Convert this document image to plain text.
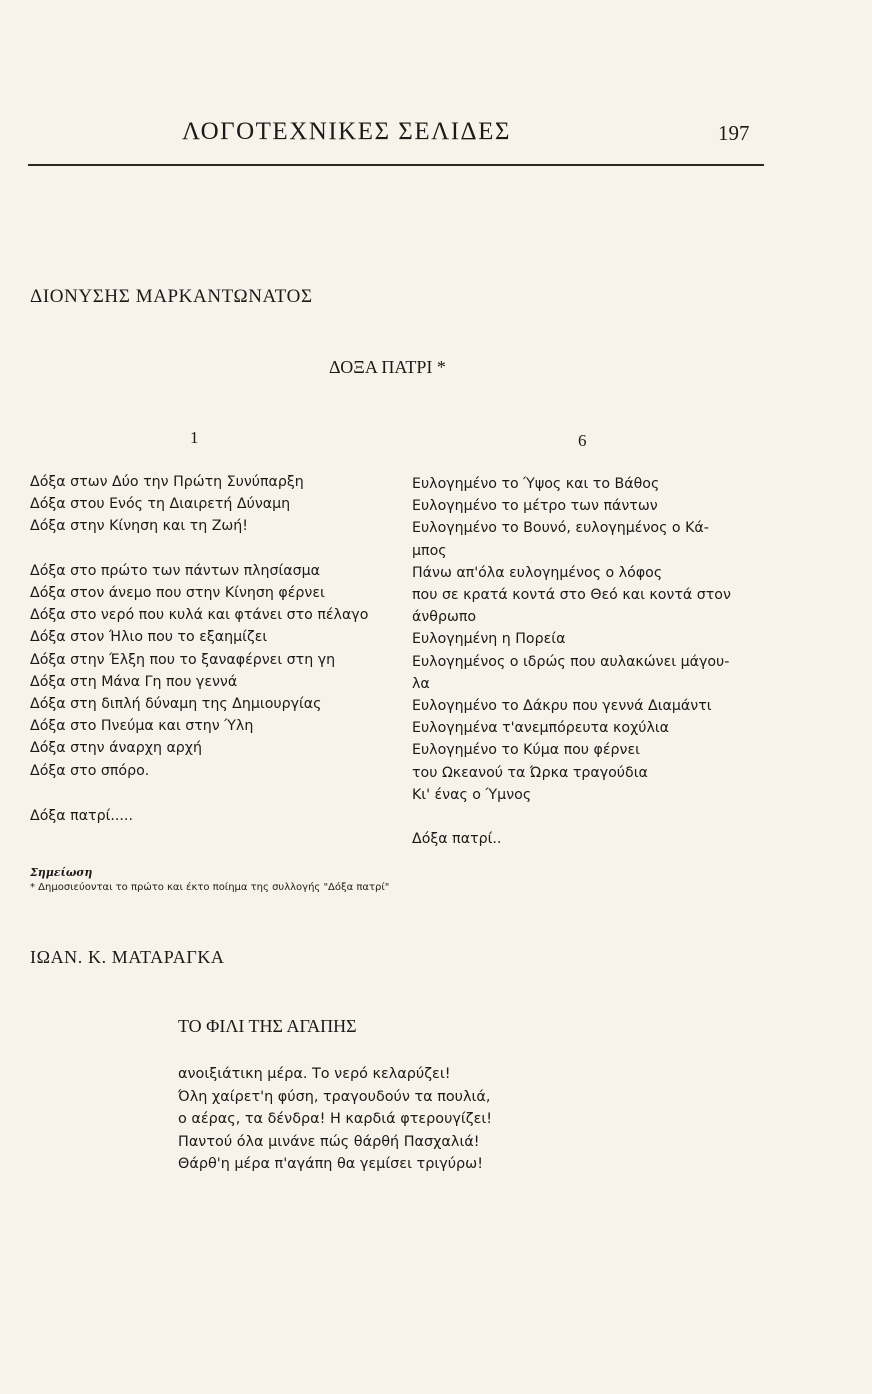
ΛΟΓΟΤΕΧΝΙΚΕΣ ΣΕΛΙΔΕΣ	197
ΔΙΟΝΥΣΗΣ ΜΑΡΚΑΝΤΩΝΑΤΟΣ
ΔΟΞΑ ΠΑΤΡΙ *
1	6
Δόξα στων Δύο την Πρώτη Συνύπαρξη
Δόξα στου Ενός τη Διαιρετή Δύναμη
Δόξα στην Κίνηση και τη Ζωή!
Δόξα στο πρώτο των πάντων πλησίασμα
Δόξα στον άνεμο που στην Κίνηση φέρνει
Δόξα στο νερό που κυλά και φτάνει στο πέλαγο
Δόξα στον Ήλιο που το εξαημίζει
Δόξα στην Έλξη που το ξαναφέρνει στη γη
Δόξα στη Μάνα Γη που γεννά
Δόξα στη διπλή δύναμη της Δημιουργίας
Δόξα στο Πνεύμα και στην Ύλη
Δόξα στην άναρχη αρχή
Δόξα στο σπόρο.
Δόξα πατρί.....
Ευλογημένο το Ύψος και το Βάθος
Ευλογημένο το μέτρο των πάντων
Ευλογημένο το Βουνό, ευλογημένος ο Κά-
μπος
Πάνω απ'όλα ευλογημένος ο λόφος
που σε κρατά κοντά στο Θεό και κοντά στον
άνθρωπο
Ευλογημένη η Πορεία
Ευλογημένος ο ιδρώς που αυλακώνει μάγου-
λα
Ευλογημένο το Δάκρυ που γεννά Διαμάντι
Ευλογημένα τ'ανεμπόρευτα κοχύλια
Ευλογημένο το Κύμα που φέρνει
του Ωκεανού τα Ώρκα τραγούδια
Κι' ένας ο Ύμνος
Δόξα πατρί..
Σημείωση
* Δημοσιεύονται το πρώτο και έκτο ποίημα της συλλογής "Δόξα πατρί"
ΙΩΑΝ. Κ. ΜΑΤΑΡΑΓΚΑ
ΤΟ ΦΙΛΙ ΤΗΣ ΑΓΑΠΗΣ
ανοιξιάτικη μέρα. Το νερό κελαρύζει!
Όλη χαίρετ'η φύση, τραγουδούν τα πουλιά,
ο αέρας, τα δένδρα! Η καρδιά φτερουγίζει!
Παντού όλα μινάνε πώς θάρθή Πασχαλιά!
Θάρθ'η μέρα π'αγάπη θα γεμίσει τριγύρω!
